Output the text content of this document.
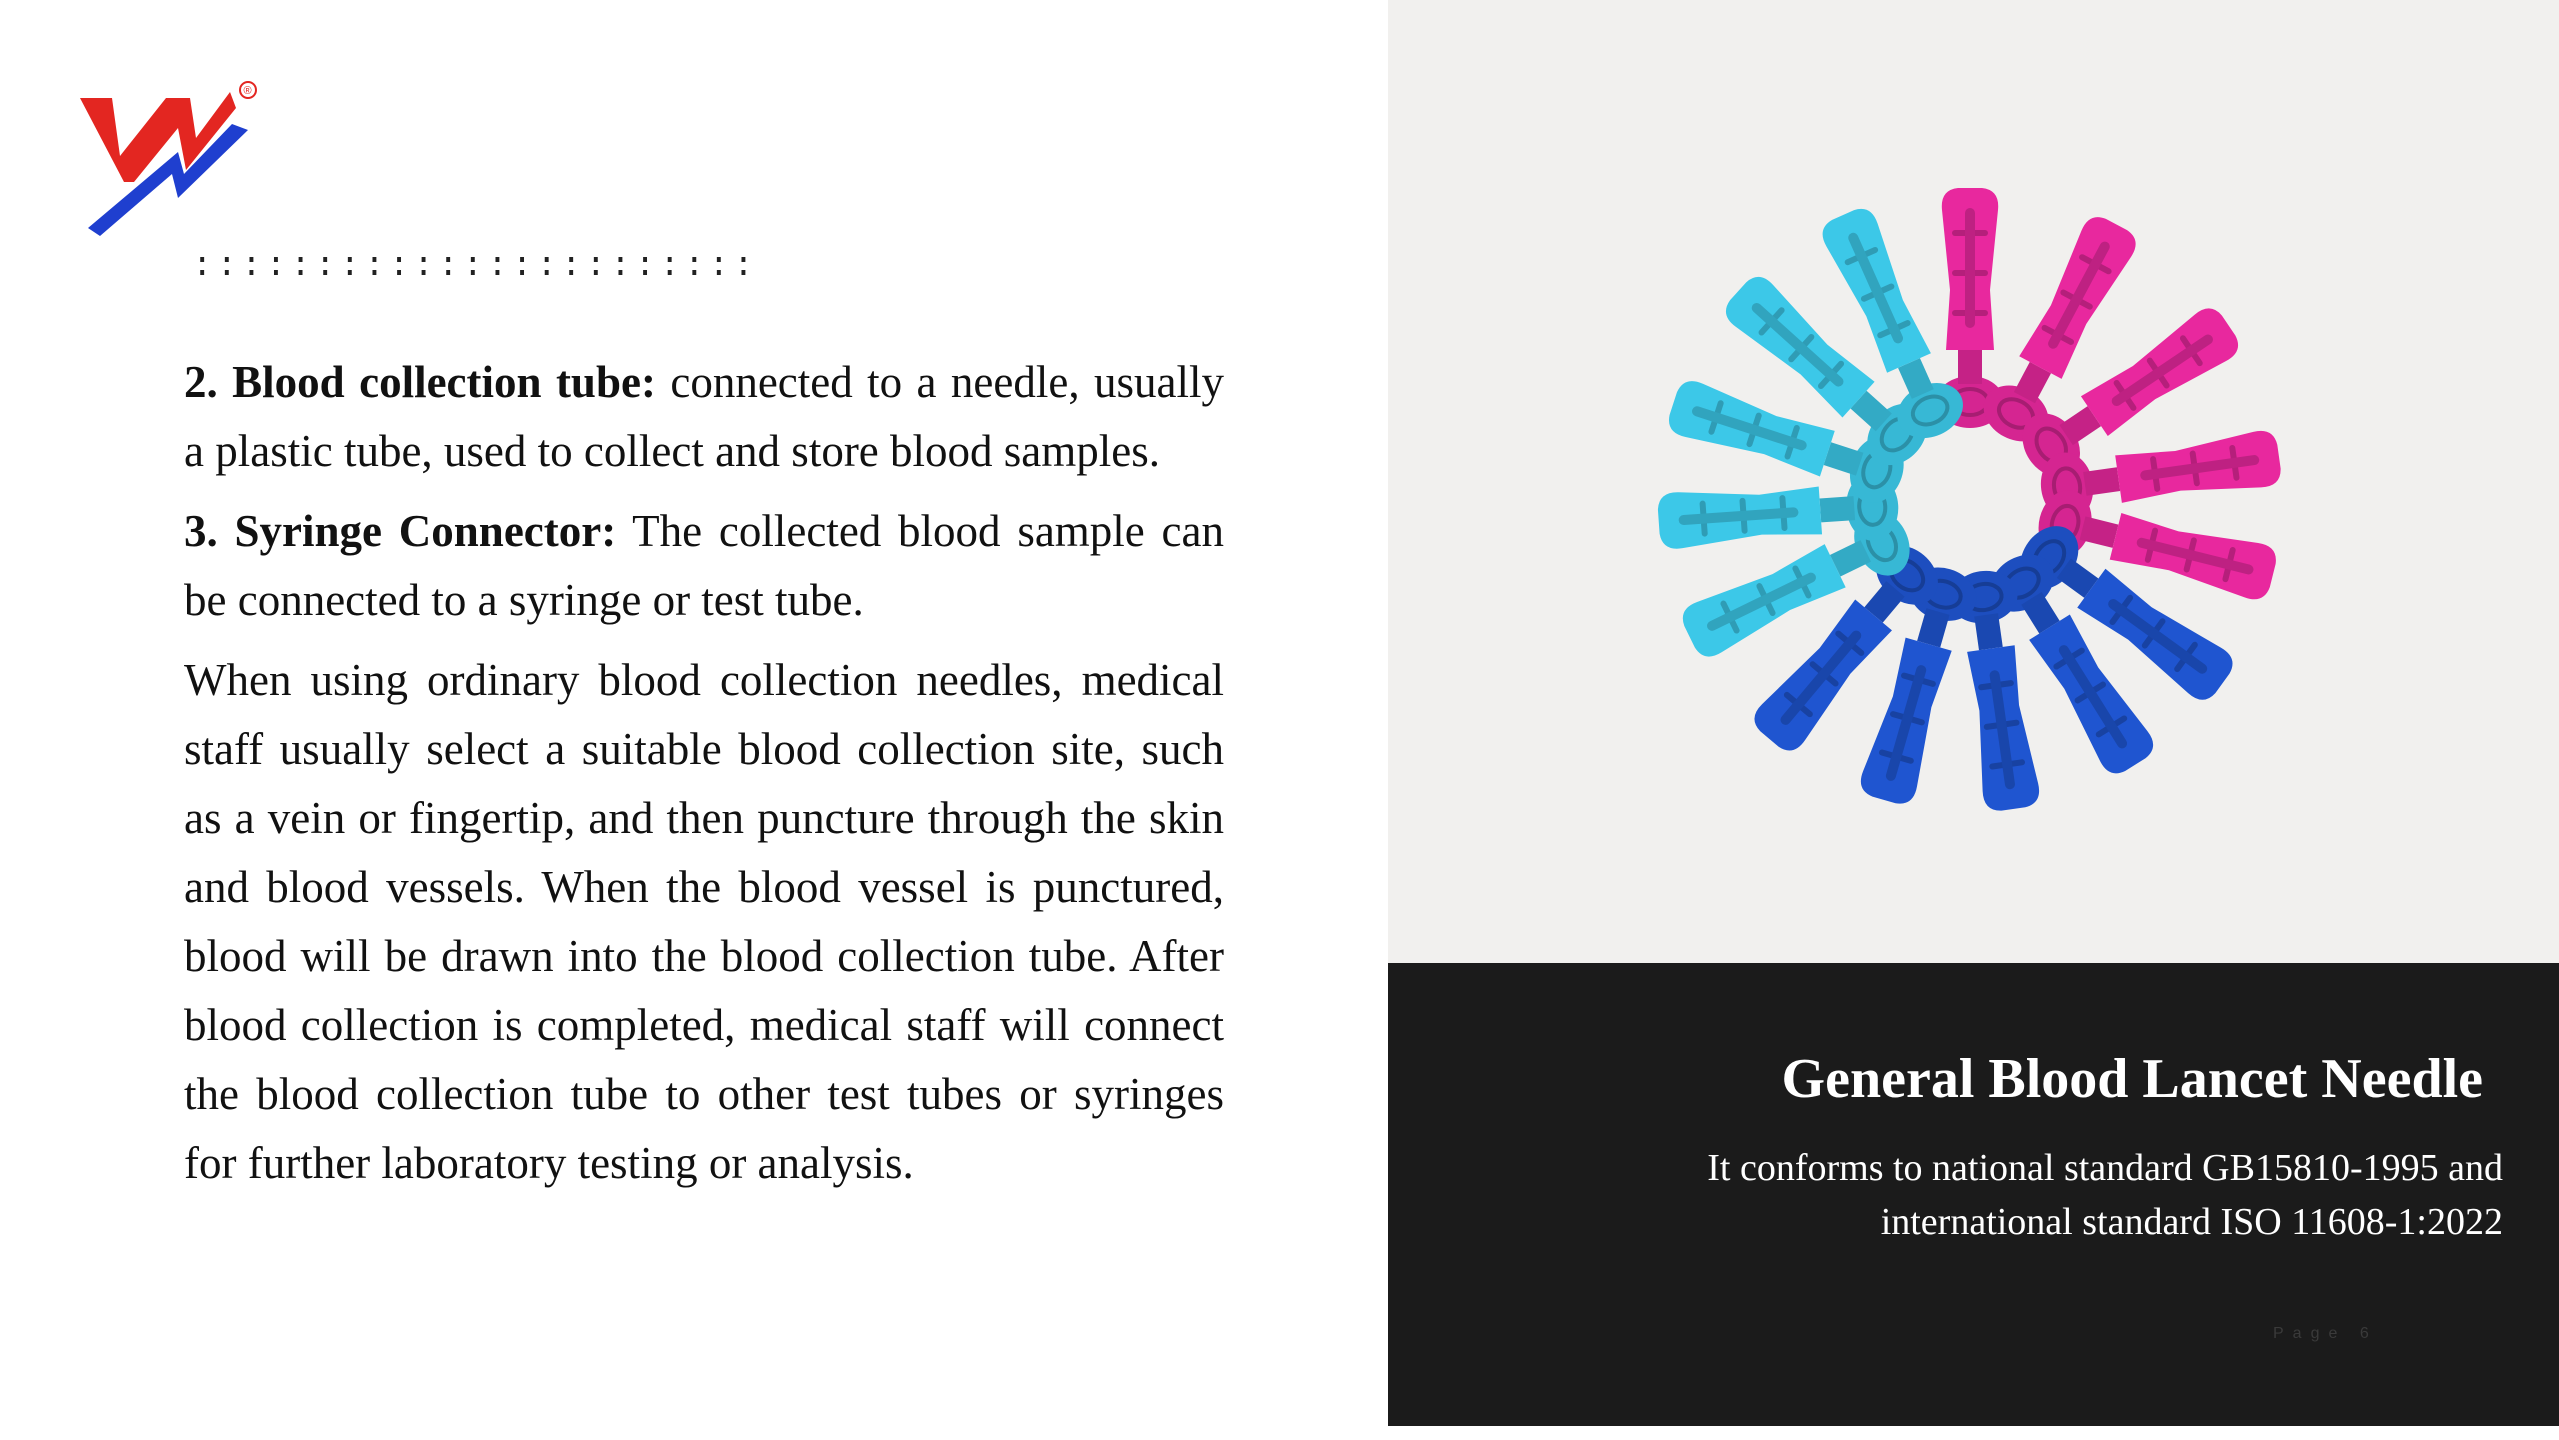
®
:::::::::::::::::::::::

2. Blood collection tube: connected to a needle, usually a plastic tube, used to collect and store blood samples.

3. Syringe Connector: The collected blood sample can be connected to a syringe or test tube.

When using ordinary blood collection needles, medical staff usually select a suitable blood collection site, such as a vein or fingertip, and then puncture through the skin and blood vessels. When the blood vessel is punctured, blood will be drawn into the blood collection tube. After blood collection is completed, medical staff will connect the blood collection tube to other test tubes or syringes for further laboratory testing or analysis.

General Blood Lancet Needle
It conforms to national standard GB15810-1995 and
international standard ISO 11608-1:2022
Page 6
